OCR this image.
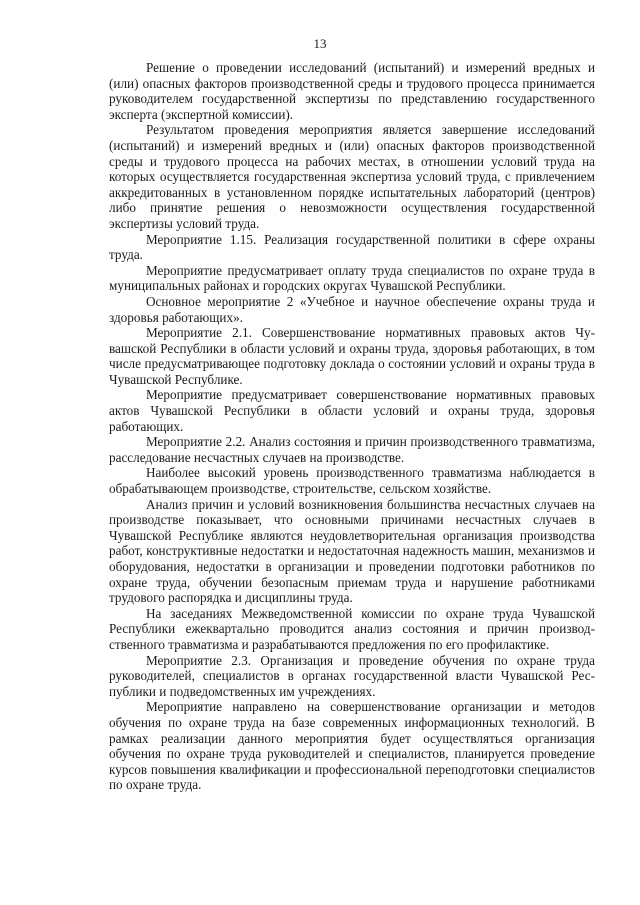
13

Решение о проведении исследований (испытаний) и измерений вредных и (или) опасных факторов производственной среды и трудового процесса принимается руководителем государственной экспертизы по представлению государственного эксперта (экспертной комиссии).

Результатом проведения мероприятия является завершение исследований (испытаний) и измерений вредных и (или) опасных факторов производственной среды и трудового процесса на рабочих местах, в отношении условий труда на которых осуществляется государственная экспертиза условий труда, с привлечением аккредитованных в установленном порядке испытательных лабораторий (центров) либо принятие решения о невозможности осуществления государственной экспертизы условий труда.

Мероприятие 1.15. Реализация государственной политики в сфере охраны труда.

Мероприятие предусматривает оплату труда специалистов по охране труда в муниципальных районах и городских округах Чувашской Республики.

Основное мероприятие 2 «Учебное и научное обеспечение охраны труда и здоровья работающих».

Мероприятие 2.1. Совершенствование нормативных правовых актов Чувашской Республики в области условий и охраны труда, здоровья работающих, в том числе предусматривающее подготовку доклада о состоянии условий и охраны труда в Чувашской Республике.

Мероприятие предусматривает совершенствование нормативных правовых актов Чувашской Республики в области условий и охраны труда, здоровья работающих.

Мероприятие 2.2. Анализ состояния и причин производственного травматизма, расследование несчастных случаев на производстве.

Наиболее высокий уровень производственного травматизма наблюдается в обрабатывающем производстве, строительстве, сельском хозяйстве.

Анализ причин и условий возникновения большинства несчастных случаев на производстве показывает, что основными причинами несчастных случаев в Чувашской Республике являются неудовлетворительная организация производства работ, конструктивные недостатки и недостаточная надежность машин, механизмов и оборудования, недостатки в организации и проведении подготовки работников по охране труда, обучении безопасным приемам труда и нарушение работниками трудового распорядка и дисциплины труда.

На заседаниях Межведомственной комиссии по охране труда Чувашской Республики ежеквартально проводится анализ состояния и причин производственного травматизма и разрабатываются предложения по его профилактике.

Мероприятие 2.3. Организация и проведение обучения по охране труда руководителей, специалистов в органах государственной власти Чувашской Республики и подведомственных им учреждениях.

Мероприятие направлено на совершенствование организации и методов обучения по охране труда на базе современных информационных технологий. В рамках реализации данного мероприятия будет осуществляться организация обучения по охране труда руководителей и специалистов, планируется проведение курсов повышения квалификации и профессиональной переподготовки специалистов по охране труда.
